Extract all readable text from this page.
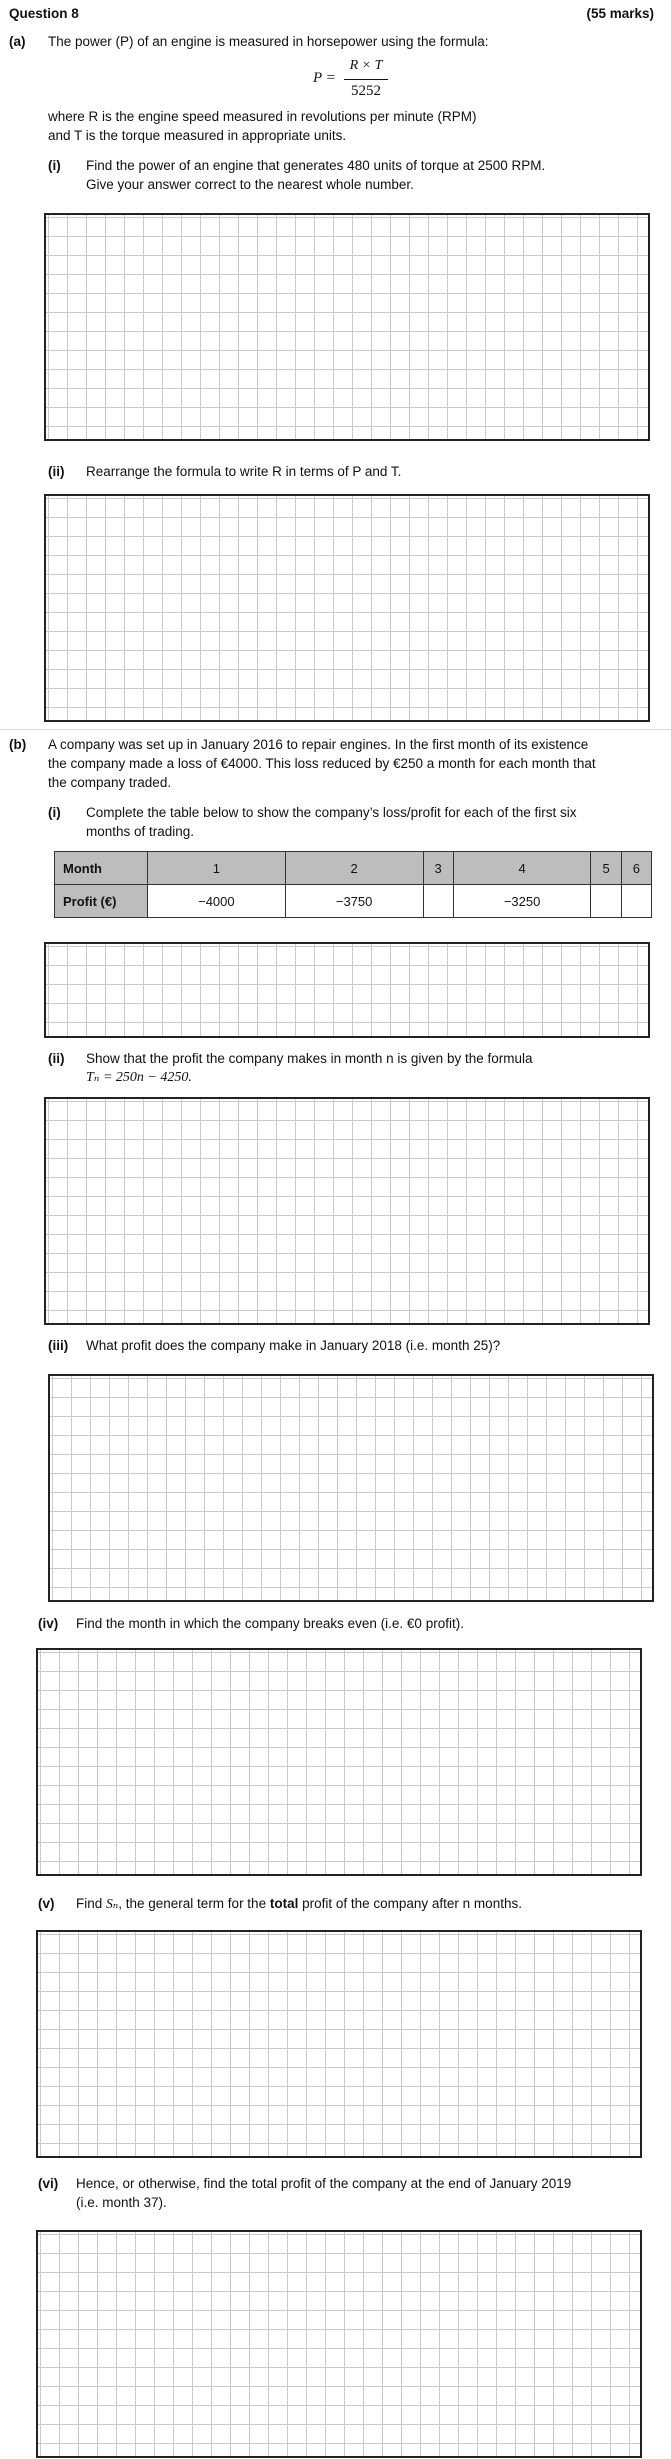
Question 8	(55 marks)
(a) The power (P) of an engine is measured in horsepower using the formula:
P =
R × T
5252
where R is the engine speed measured in revolutions per minute (RPM)
and T is the torque measured in appropriate units.
(i) Find the power of an engine that generates 480 units of torque at 2500 RPM.
Give your answer correct to the nearest whole number.
(ii) Rearrange the formula to write R in terms of P and T.
(b) A company was set up in January 2016 to repair engines. In the first month of its existence
the company made a loss of €4000. This loss reduced by €250 a month for each month that
the company traded.
(i) Complete the table below to show the company’s loss/profit for each of the first six
months of trading.
Month	1	2	3	4	5	6
Profit (€)	−4000	−3750		−3250		
(ii) Show that the profit the company makes in month n is given by the formula
Tₙ = 250n − 4250.
(iii) What profit does the company make in January 2018 (i.e. month 25)?
(iv) Find the month in which the company breaks even (i.e. €0 profit).
(v) Find Sₙ, the general term for the total profit of the company after n months.
(vi) Hence, or otherwise, find the total profit of the company at the end of January 2019
(i.e. month 37).
